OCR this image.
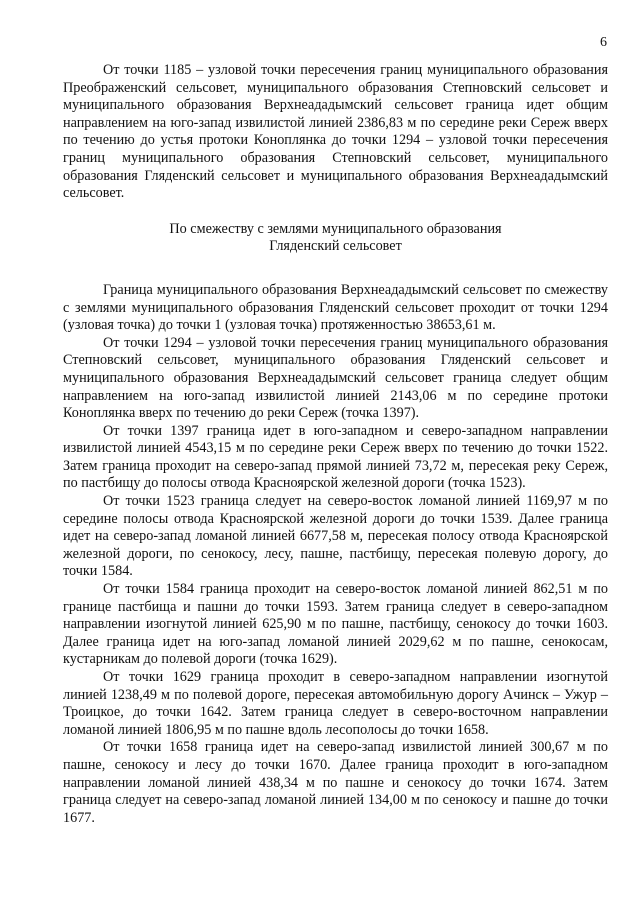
6

От точки 1185 – узловой точки пересечения границ муниципального образования Преображенский сельсовет, муниципального образования Степновский сельсовет и муниципального образования Верхнеададымский сельсовет граница идет общим направлением на юго-запад извилистой линией 2386,83 м по середине реки Сереж вверх по течению до устья протоки Коноплянка до точки 1294 – узловой точки пересечения границ муниципального образования Степновский сельсовет, муниципального образования Гляденский сельсовет и муниципального образования Верхнеададымский сельсовет.

По смежеству с землями муниципального образования
Гляденский сельсовет

Граница муниципального образования Верхнеададымский сельсовет по смежеству с землями муниципального образования Гляденский сельсовет проходит от точки 1294 (узловая точка) до точки 1 (узловая точка) протяженностью 38653,61 м.

От точки 1294 – узловой точки пересечения границ муниципального образования Степновский сельсовет, муниципального образования Гляденский сельсовет и муниципального образования Верхнеададымский сельсовет граница следует общим направлением на юго-запад извилистой линией 2143,06 м по середине протоки Коноплянка вверх по течению до реки Сереж (точка 1397).

От точки 1397 граница идет в юго-западном и северо-западном направлении извилистой линией 4543,15 м по середине реки Сереж вверх по течению до точки 1522. Затем граница проходит на северо-запад прямой линией 73,72 м, пересекая реку Сереж, по пастбищу до полосы отвода Красноярской железной дороги (точка 1523).

От точки 1523 граница следует на северо-восток ломаной линией 1169,97 м по середине полосы отвода Красноярской железной дороги до точки 1539. Далее граница идет на северо-запад ломаной линией 6677,58 м, пересекая полосу отвода Красноярской железной дороги, по сенокосу, лесу, пашне, пастбищу, пересекая полевую дорогу, до точки 1584.

От точки 1584 граница проходит на северо-восток ломаной линией 862,51 м по границе пастбища и пашни до точки 1593. Затем граница следует в северо-западном направлении изогнутой линией 625,90 м по пашне, пастбищу, сенокосу до точки 1603. Далее граница идет на юго-запад ломаной линией 2029,62 м по пашне, сенокосам, кустарникам до полевой дороги (точка 1629).

От точки 1629 граница проходит в северо-западном направлении изогнутой линией 1238,49 м по полевой дороге, пересекая автомобильную дорогу Ачинск – Ужур – Троицкое, до точки 1642. Затем граница следует в северо-восточном направлении ломаной линией 1806,95 м по пашне вдоль лесополосы до точки 1658.

От точки 1658 граница идет на северо-запад извилистой линией 300,67 м по пашне, сенокосу и лесу до точки 1670. Далее граница проходит в юго-западном направлении ломаной линией 438,34 м по пашне и сенокосу до точки 1674. Затем граница следует на северо-запад ломаной линией 134,00 м по сенокосу и пашне до точки 1677.
